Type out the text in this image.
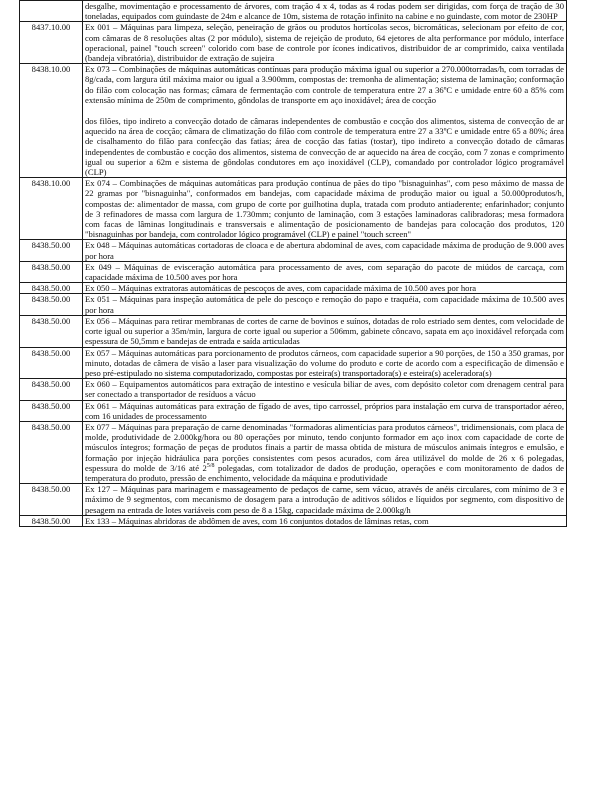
	desgalhe, movimentação e processamento de árvores, com tração 4 x 4, todas as 4 rodas podem ser dirigidas, com força de tração de 30 toneladas, equipados com guindaste de 24m e alcance de 10m, sistema de rotação infinito na cabine e no guindaste, com motor de 230HP
8437.10.00	Ex 001 – Máquinas para limpeza, seleção, peneiração de grãos ou produtos hortícolas secos, bicromáticas, selecionam por efeito de cor, com câmaras de 8 resoluções altas (2 por módulo), sistema de rejeição de produto, 64 ejetores de alta performance por módulo, interface operacional, painel "touch screen" colorido com base de controle por ícones indicativos, distribuidor de ar comprimido, caixa ventilada (bandeja vibratória), distribuidor de extração de sujeira
8438.10.00	Ex 073 – Combinações de máquinas automáticas contínuas para produção máxima igual ou superior a 270.000torradas/h, com torradas de 8g/cada, com largura útil máxima maior ou igual a 3.900mm, compostas de: tremonha de alimentação; sistema de laminação; conformação do filão com colocação nas formas; câmara de fermentação com controle de temperatura entre 27 a 36ºC e umidade entre 60 a 85% com extensão mínima de 250m de comprimento, gôndolas de transporte em aço inoxidável; área de cocção
dos filões, tipo indireto a convecção dotado de câmaras independentes de combustão e cocção dos alimentos, sistema de convecção de ar aquecido na área de cocção; câmara de climatização do filão com controle de temperatura entre 27 a 33ºC e umidade entre 65 a 80%; área de cisalhamento do filão para confecção das fatias; área de cocção das fatias (tostar), tipo indireto a convecção dotado de câmaras independentes de combustão e cocção dos alimentos, sistema de convecção de ar aquecido na área de cocção, com 7 zonas e comprimento igual ou superior a 62m e sistema de gôndolas condutores em aço inoxidável (CLP), comandado por controlador lógico programável (CLP)
8438.10.00	Ex 074 – Combinações de máquinas automáticas para produção contínua de pães do tipo "bisnaguinhas", com peso máximo de massa de 22 gramas por "bisnaguinha", conformados em bandejas, com capacidade máxima de produção maior ou igual a 50.000produtos/h, compostas de: alimentador de massa, com grupo de corte por guilhotina dupla, tratada com produto antiaderente; enfarinhador; conjunto de 3 refinadores de massa com largura de 1.730mm; conjunto de laminação, com 3 estações laminadoras calibradoras; mesa formadora com facas de lâminas longitudinais e transversais e alimentação de posicionamento de bandejas para colocação dos produtos, 120 "bisnaguinhas por bandeja, com controlador lógico programável (CLP) e painel "touch screen"
8438.50.00	Ex 048 – Máquinas automáticas cortadoras de cloaca e de abertura abdominal de aves, com capacidade máxima de produção de 9.000 aves por hora
8438.50.00	Ex 049 – Máquinas de evisceração automática para processamento de aves, com separação do pacote de miúdos de carcaça, com capacidade máxima de 10.500 aves por hora
8438.50.00	Ex 050 – Máquinas extratoras automáticas de pescoços de aves, com capacidade máxima de 10.500 aves por hora
8438.50.00	Ex 051 – Máquinas para inspeção automática de pele do pescoço e remoção do papo e traquéia, com capacidade máxima de 10.500 aves por hora
8438.50.00	Ex 056 – Máquinas para retirar membranas de cortes de carne de bovinos e suínos, dotadas de rolo estriado sem dentes, com velocidade de corte igual ou superior a 35m/min, largura de corte igual ou superior a 506mm, gabinete côncavo, sapata em aço inoxidável reforçada com espessura de 50,5mm e bandejas de entrada e saída articuladas
8438.50.00	Ex 057 – Máquinas automáticas para porcionamento de produtos cárneos, com capacidade superior a 90 porções, de 150 a 350 gramas, por minuto, dotadas de câmera de visão a laser para visualização do volume do produto e corte de acordo com a especificação de dimensão e peso pré-estipulado no sistema computadorizado, compostas por esteira(s) transportadora(s) e esteira(s) aceleradora(s)
8438.50.00	Ex 060 – Equipamentos automáticos para extração de intestino e vesícula biliar de aves, com depósito coletor com drenagem central para ser conectado a transportador de resíduos a vácuo
8438.50.00	Ex 061 – Máquinas automáticas para extração de fígado de aves, tipo carrossel, próprios para instalação em curva de transportador aéreo, com 16 unidades de processamento
8438.50.00	Ex 077 – Máquinas para preparação de carne denominadas "formadoras alimentícias para produtos cárneos", tridimensionais, com placa de molde, produtividade de 2.000kg/hora ou 80 operações por minuto, tendo conjunto formador em aço inox com capacidade de corte de músculos íntegros; formação de peças de produtos finais a partir de massa obtida de mistura de músculos animais íntegros e emulsão, e formação por injeção hidráulica para porções consistentes com pesos acurados, com área utilizável do molde de 26 x 6 polegadas, espessura do molde de 3/16 até $2^{5/8}$ polegadas, com totalizador de dados de produção, operações e com monitoramento de dados de temperatura do produto, pressão de enchimento, velocidade da máquina e produtividade
8438.50.00	Ex 127 – Máquinas para marinagem e massageamento de pedaços de carne, sem vácuo, através de anéis circulares, com mínimo de 3 e máximo de 9 segmentos, com mecanismo de dosagem para a introdução de aditivos sólidos e líquidos por segmento, com dispositivo de pesagem na entrada de lotes variáveis com peso de 8 a 15kg, capacidade máxima de 2.000kg/h
8438.50.00	Ex 133 – Máquinas abridoras de abdômen de aves, com 16 conjuntos dotados de lâminas retas, com
